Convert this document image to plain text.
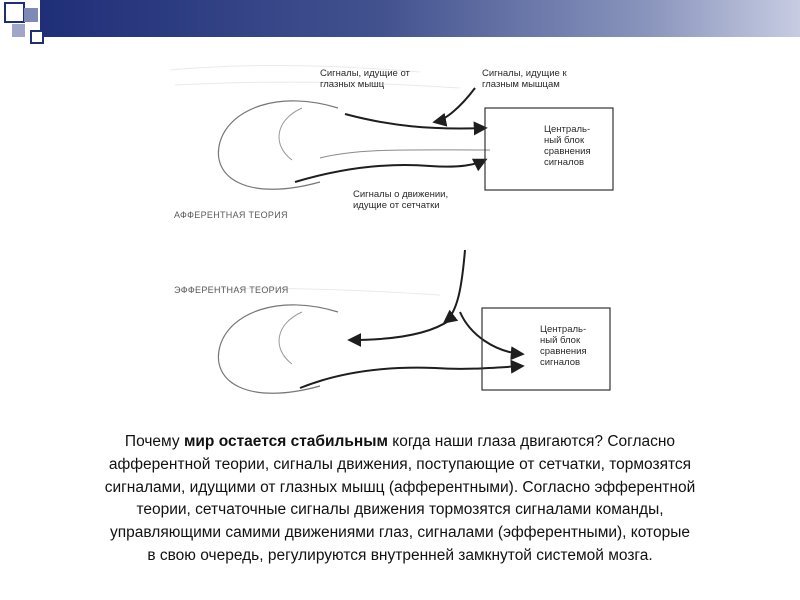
Сигналы, идущие от
глазных мышц
Сигналы, идущие к
глазным мышцам
Централь-
ный блок
сравнения
сигналов
Сигналы о движении,
идущие от сетчатки
АФФЕРЕНТНАЯ ТЕОРИЯ
ЭФФЕРЕНТНАЯ ТЕОРИЯ
Централь-
ный блок
сравнения
сигналов
Почему мир остается стабильным когда наши глаза двигаются? Согласно
афферентной теории, сигналы движения, поступающие от сетчатки, тормозятся
сигналами, идущими от глазных мышц (афферентными). Согласно эфферентной
теории, сетчаточные сигналы движения тормозятся сигналами команды,
управляющими самими движениями глаз, сигналами (эфферентными), которые
в свою очередь, регулируются внутренней замкнутой системой мозга.
